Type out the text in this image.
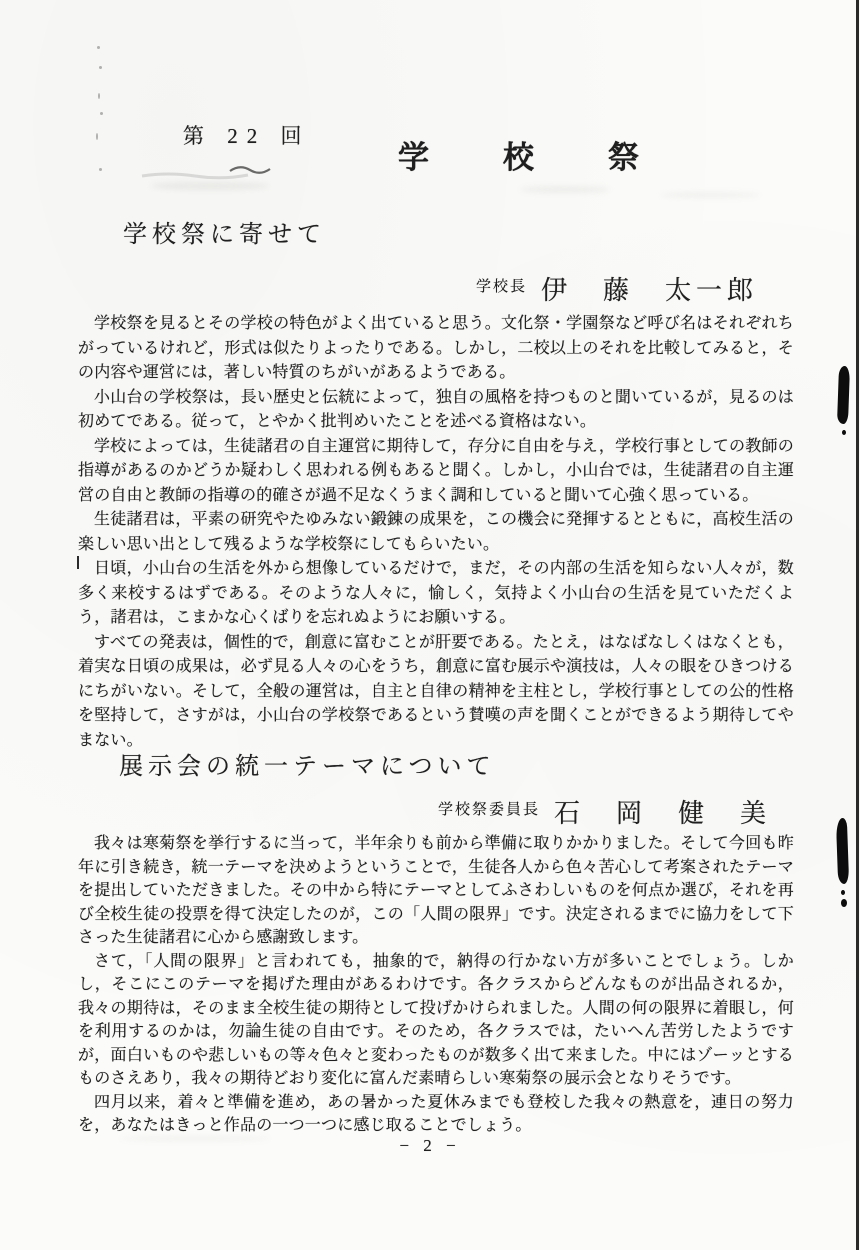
第 22 回
学　　校　　祭
学校祭に寄せて
学校長 伊　藤　太一郎

学校祭を見るとその学校の特色がよく出ていると思う。文化祭・学園祭など呼び名はそれぞれちがっているけれど，形式は似たりよったりである。しかし，二校以上のそれを比較してみると，その内容や運営には，著しい特質のちがいがあるようである。

小山台の学校祭は，長い歴史と伝統によって，独自の風格を持つものと聞いているが，見るのは初めてである。従って，とやかく批判めいたことを述べる資格はない。

学校によっては，生徒諸君の自主運営に期待して，存分に自由を与え，学校行事としての教師の指導があるのかどうか疑わしく思われる例もあると聞く。しかし，小山台では，生徒諸君の自主運営の自由と教師の指導の的確さが過不足なくうまく調和していると聞いて心強く思っている。

生徒諸君は，平素の研究やたゆみない鍛錬の成果を，この機会に発揮するとともに，高校生活の楽しい思い出として残るような学校祭にしてもらいたい。

日頃，小山台の生活を外から想像しているだけで，まだ，その内部の生活を知らない人々が，数多く来校するはずである。そのような人々に，愉しく，気持よく小山台の生活を見ていただくよう，諸君は，こまかな心くばりを忘れぬようにお願いする。

すべての発表は，個性的で，創意に富むことが肝要である。たとえ，はなばなしくはなくとも，着実な日頃の成果は，必ず見る人々の心をうち，創意に富む展示や演技は，人々の眼をひきつけるにちがいない。そして，全般の運営は，自主と自律の精神を主柱とし，学校行事としての公的性格を堅持して，さすがは，小山台の学校祭であるという賛嘆の声を聞くことができるよう期待してやまない。

展示会の統一テーマについて
学校祭委員長 石　岡　健　美

我々は寒菊祭を挙行するに当って，半年余りも前から準備に取りかかりました。そして今回も昨年に引き続き，統一テーマを決めようということで，生徒各人から色々苦心して考案されたテーマを提出していただきました。その中から特にテーマとしてふさわしいものを何点か選び，それを再び全校生徒の投票を得て決定したのが，この「人間の限界」です。決定されるまでに協力をして下さった生徒諸君に心から感謝致します。

さて，「人間の限界」と言われても，抽象的で，納得の行かない方が多いことでしょう。しかし，そこにこのテーマを掲げた理由があるわけです。各クラスからどんなものが出品されるか，我々の期待は，そのまま全校生徒の期待として投げかけられました。人間の何の限界に着眼し，何を利用するのかは，勿論生徒の自由です。そのため，各クラスでは，たいへん苦労したようですが，面白いものや悲しいもの等々色々と変わったものが数多く出て来ました。中にはゾーッとするものさえあり，我々の期待どおり変化に富んだ素晴らしい寒菊祭の展示会となりそうです。

四月以来，着々と準備を進め，あの暑かった夏休みまでも登校した我々の熱意を，連日の努力を，あなたはきっと作品の一つ一つに感じ取ることでしょう。

− 2 −
